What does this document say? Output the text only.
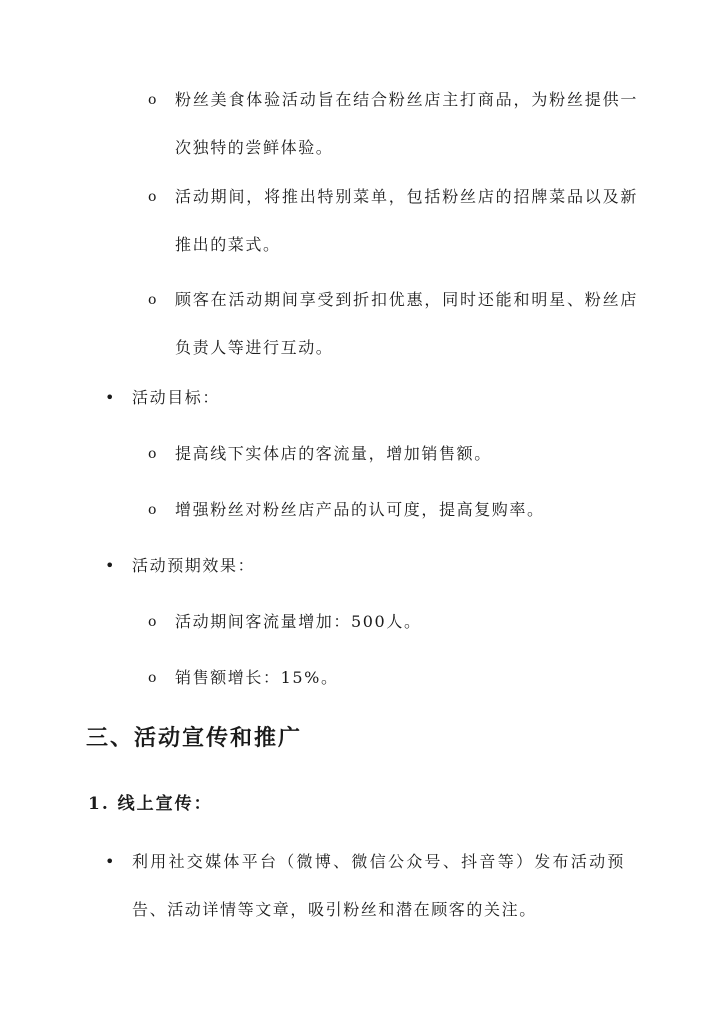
o 粉丝美食体验活动旨在结合粉丝店主打商品，为粉丝提供一次独特的尝鲜体验。
o 活动期间，将推出特别菜单，包括粉丝店的招牌菜品以及新推出的菜式。
o 顾客在活动期间享受到折扣优惠，同时还能和明星、粉丝店负责人等进行互动。
• 活动目标：
o 提高线下实体店的客流量，增加销售额。
o 增强粉丝对粉丝店产品的认可度，提高复购率。
• 活动预期效果：
o 活动期间客流量增加：500人。
o 销售额增长：15%。
三、活动宣传和推广
1. 线上宣传：
• 利用社交媒体平台（微博、微信公众号、抖音等）发布活动预告、活动详情等文章，吸引粉丝和潜在顾客的关注。
